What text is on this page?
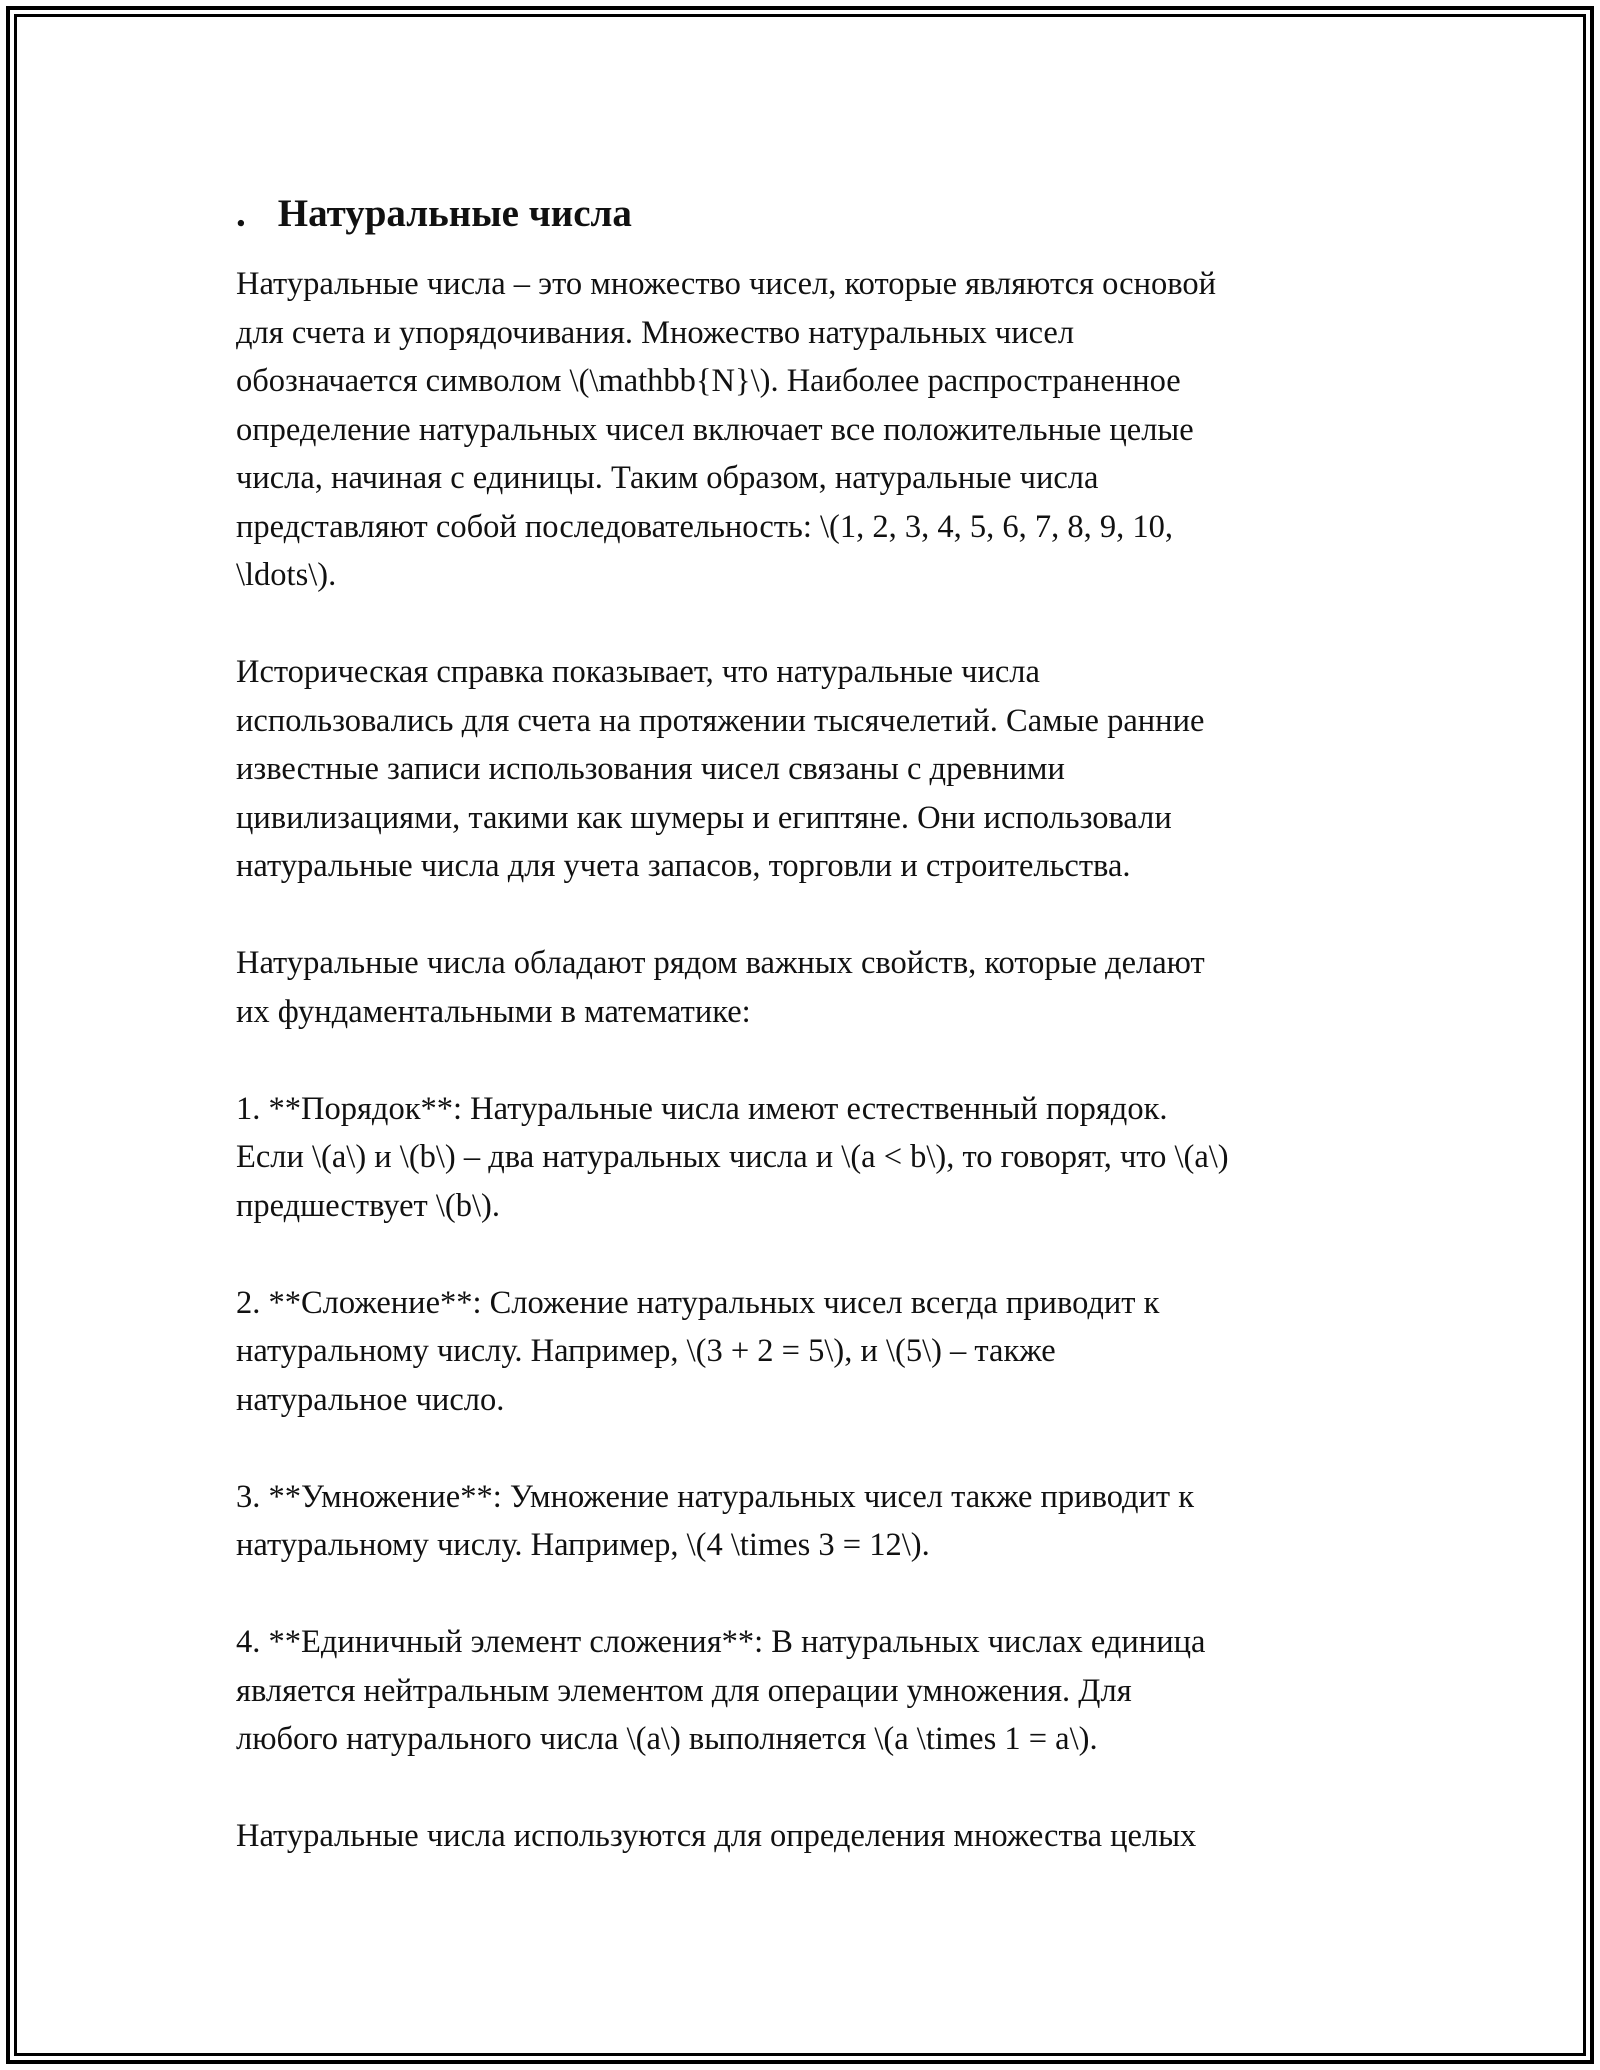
. Натуральные числа
Натуральные числа – это множество чисел, которые являются основой
для счета и упорядочивания. Множество натуральных чисел
обозначается символом \(\mathbb{N}\). Наиболее распространенное
определение натуральных чисел включает все положительные целые
числа, начиная с единицы. Таким образом, натуральные числа
представляют собой последовательность: \(1, 2, 3, 4, 5, 6, 7, 8, 9, 10,
\ldots\).
Историческая справка показывает, что натуральные числа
использовались для счета на протяжении тысячелетий. Самые ранние
известные записи использования чисел связаны с древними
цивилизациями, такими как шумеры и египтяне. Они использовали
натуральные числа для учета запасов, торговли и строительства.
Натуральные числа обладают рядом важных свойств, которые делают
их фундаментальными в математике:
1. **Порядок**: Натуральные числа имеют естественный порядок.
Если \(a\) и \(b\) – два натуральных числа и \(a < b\), то говорят, что \(a\)
предшествует \(b\).
2. **Сложение**: Сложение натуральных чисел всегда приводит к
натуральному числу. Например, \(3 + 2 = 5\), и \(5\) – также
натуральное число.
3. **Умножение**: Умножение натуральных чисел также приводит к
натуральному числу. Например, \(4 \times 3 = 12\).
4. **Единичный элемент сложения**: В натуральных числах единица
является нейтральным элементом для операции умножения. Для
любого натурального числа \(a\) выполняется \(a \times 1 = a\).
Натуральные числа используются для определения множества целых
